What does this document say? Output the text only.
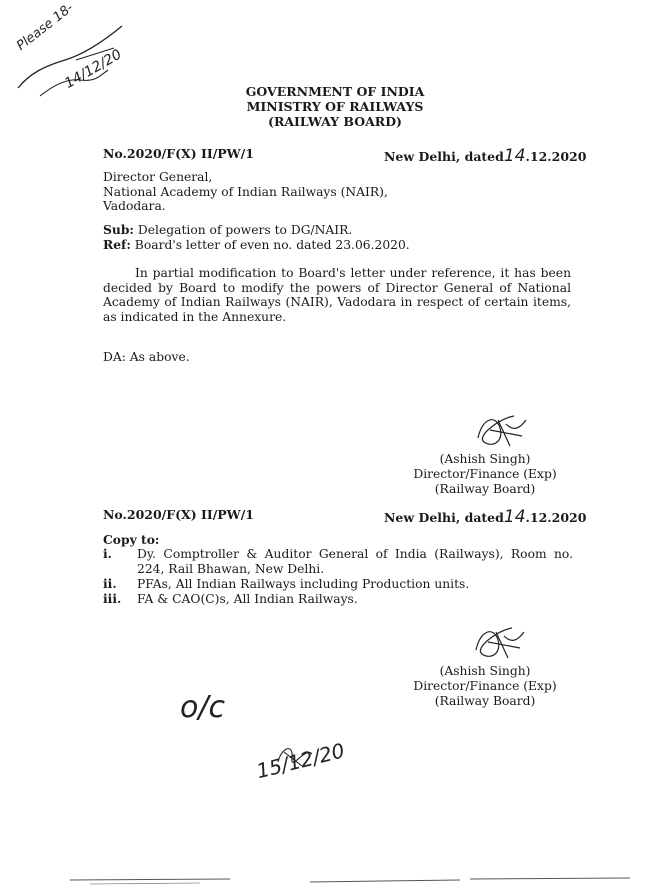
Please 18-
14/12/20	GOVERNMENT OF INDIA
MINISTRY OF RAILWAYS
(RAILWAY BOARD)
No.2020/F(X) II/PW/1	New Delhi, dated14.12.2020
Director General,
National Academy of Indian Railways (NAIR),
Vadodara.
Sub: Delegation of powers to DG/NAIR.
Ref: Board's letter of even no. dated 23.06.2020.
In partial modification to Board's letter under reference, it has been decided by Board to modify the powers of Director General of National Academy of Indian Railways (NAIR), Vadodara in respect of certain items, as indicated in the Annexure.
DA: As above.
(Ashish Singh)
Director/Finance (Exp)
(Railway Board)
No.2020/F(X) II/PW/1	New Delhi, dated14.12.2020
Copy to:
i. Dy. Comptroller & Auditor General of India (Railways), Room no. 224, Rail Bhawan, New Delhi.
ii. PFAs, All Indian Railways including Production units.
iii. FA & CAO(C)s, All Indian Railways.
(Ashish Singh)
Director/Finance (Exp)
(Railway Board)
o/c
15/12/20
